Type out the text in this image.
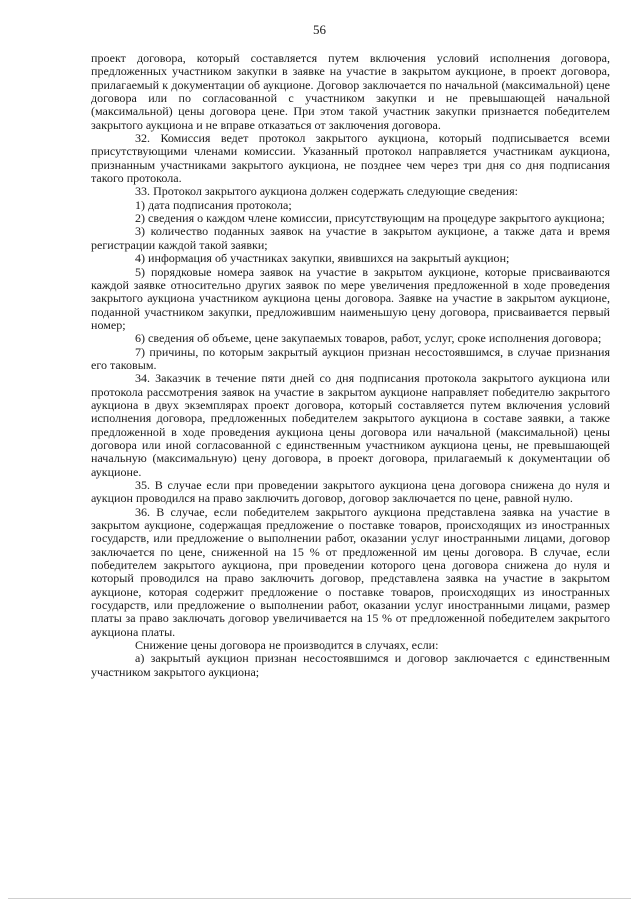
56

проект договора, который составляется путем включения условий исполнения договора, предложенных участником закупки в заявке на участие в закрытом аукционе, в проект договора, прилагаемый к документации об аукционе. Договор заключается по начальной (максимальной) цене договора или по согласованной с участником закупки и не превышающей начальной (максимальной) цены договора цене. При этом такой участник закупки признается победителем закрытого аукциона и не вправе отказаться от заключения договора.

32. Комиссия ведет протокол закрытого аукциона, который подписывается всеми присутствующими членами комиссии. Указанный протокол направляется участникам аукциона, признанным участниками закрытого аукциона, не позднее чем через три дня со дня подписания такого протокола.

33. Протокол закрытого аукциона должен содержать следующие сведения:

1) дата подписания протокола;

2) сведения о каждом члене комиссии, присутствующим на процедуре закрытого аукциона;

3) количество поданных заявок на участие в закрытом аукционе, а также дата и время регистрации каждой такой заявки;

4) информация об участниках закупки, явившихся на закрытый аукцион;

5) порядковые номера заявок на участие в закрытом аукционе, которые присваиваются каждой заявке относительно других заявок по мере увеличения предложенной в ходе проведения закрытого аукциона участником аукциона цены договора. Заявке на участие в закрытом аукционе, поданной участником закупки, предложившим наименьшую цену договора, присваивается первый номер;

6) сведения об объеме, цене закупаемых товаров, работ, услуг, сроке исполнения договора;

7) причины, по которым закрытый аукцион признан несостоявшимся, в случае признания его таковым.

34. Заказчик в течение пяти дней со дня подписания протокола закрытого аукциона или протокола рассмотрения заявок на участие в закрытом аукционе направляет победителю закрытого аукциона в двух экземплярах проект договора, который составляется путем включения условий исполнения договора, предложенных победителем закрытого аукциона в составе заявки, а также предложенной в ходе проведения аукциона цены договора или начальной (максимальной) цены договора или иной согласованной с единственным участником аукциона цены, не превышающей начальную (максимальную) цену договора, в проект договора, прилагаемый к документации об аукционе.

35. В случае если при проведении закрытого аукциона цена договора снижена до нуля и аукцион проводился на право заключить договор, договор заключается по цене, равной нулю.

36. В случае, если победителем закрытого аукциона представлена заявка на участие в закрытом аукционе, содержащая предложение о поставке товаров, происходящих из иностранных государств, или предложение о выполнении работ, оказании услуг иностранными лицами, договор заключается по цене, сниженной на 15 % от предложенной им цены договора. В случае, если победителем закрытого аукциона, при проведении которого цена договора снижена до нуля и который проводился на право заключить договор, представлена заявка на участие в закрытом аукционе, которая содержит предложение о поставке товаров, происходящих из иностранных государств, или предложение о выполнении работ, оказании услуг иностранными лицами, размер платы за право заключать договор увеличивается на 15 % от предложенной победителем закрытого аукциона платы.

Снижение цены договора не производится в случаях, если:

а) закрытый аукцион признан несостоявшимся и договор заключается с единственным участником закрытого аукциона;
